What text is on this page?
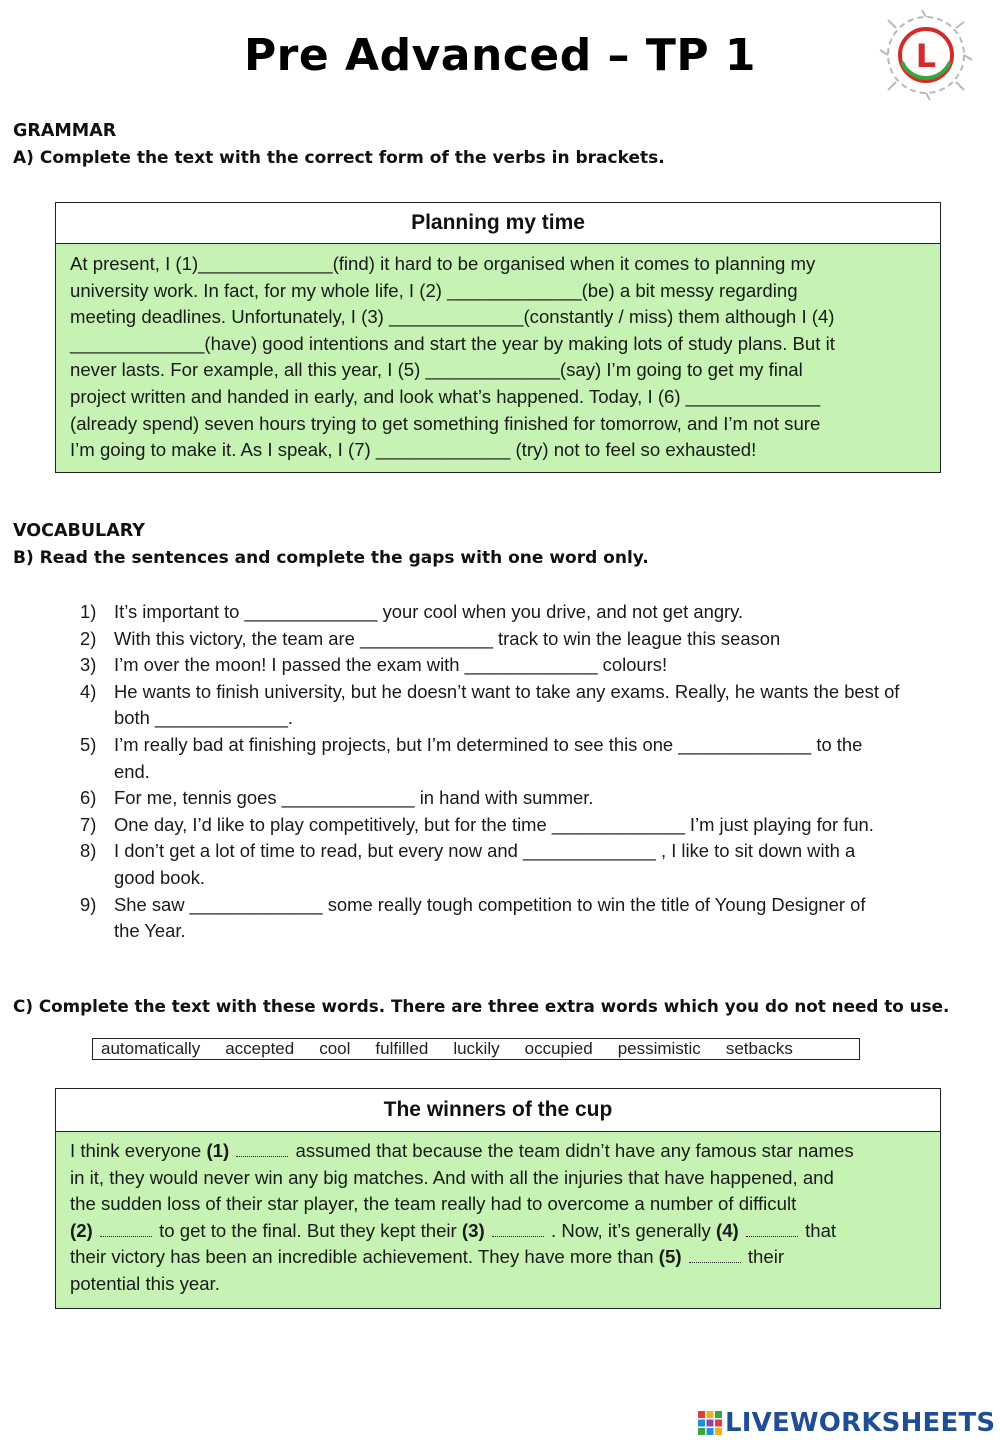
Pre Advanced – TP 1	L
GRAMMAR
A) Complete the text with the correct form of the verbs in brackets.
Planning my time
At present, I (1)_____________(find) it hard to be organised when it comes to planning my
university work. In fact, for my whole life, I (2) _____________(be) a bit messy regarding
meeting deadlines. Unfortunately, I (3) _____________(constantly / miss) them although I (4)
_____________(have) good intentions and start the year by making lots of study plans. But it
never lasts. For example, all this year, I (5) _____________(say) I’m going to get my final
project written and handed in early, and look what’s happened. Today, I (6) _____________
(already spend) seven hours trying to get something finished for tomorrow, and I’m not sure
I’m going to make it. As I speak, I (7) _____________ (try) not to feel so exhausted!
VOCABULARY
B) Read the sentences and complete the gaps with one word only.
1) It’s important to _____________ your cool when you drive, and not get angry.
2) With this victory, the team are _____________ track to win the league this season
3) I’m over the moon! I passed the exam with _____________ colours!
4) He wants to finish university, but he doesn’t want to take any exams. Really, he wants the best of
both _____________.
5) I’m really bad at finishing projects, but I’m determined to see this one _____________ to the
end.
6) For me, tennis goes _____________ in hand with summer.
7) One day, I’d like to play competitively, but for the time _____________ I’m just playing for fun.
8) I don’t get a lot of time to read, but every now and _____________ , I like to sit down with a
good book.
9) She saw _____________ some really tough competition to win the title of Young Designer of
the Year.
C) Complete the text with these words. There are three extra words which you do not need to use.
automatically accepted cool fulfilled luckily occupied pessimistic setbacks
The winners of the cup
I think everyone (1)	assumed that because the team didn’t have any famous star names
in it, they would never win any big matches. And with all the injuries that have happened, and
the sudden loss of their star player, the team really had to overcome a number of difficult
(2)	to get to the final. But they kept their (3)	. Now, it’s generally (4)	that
their victory has been an incredible achievement. They have more than (5)	their
potential this year.
LIVEWORKSHEETS
